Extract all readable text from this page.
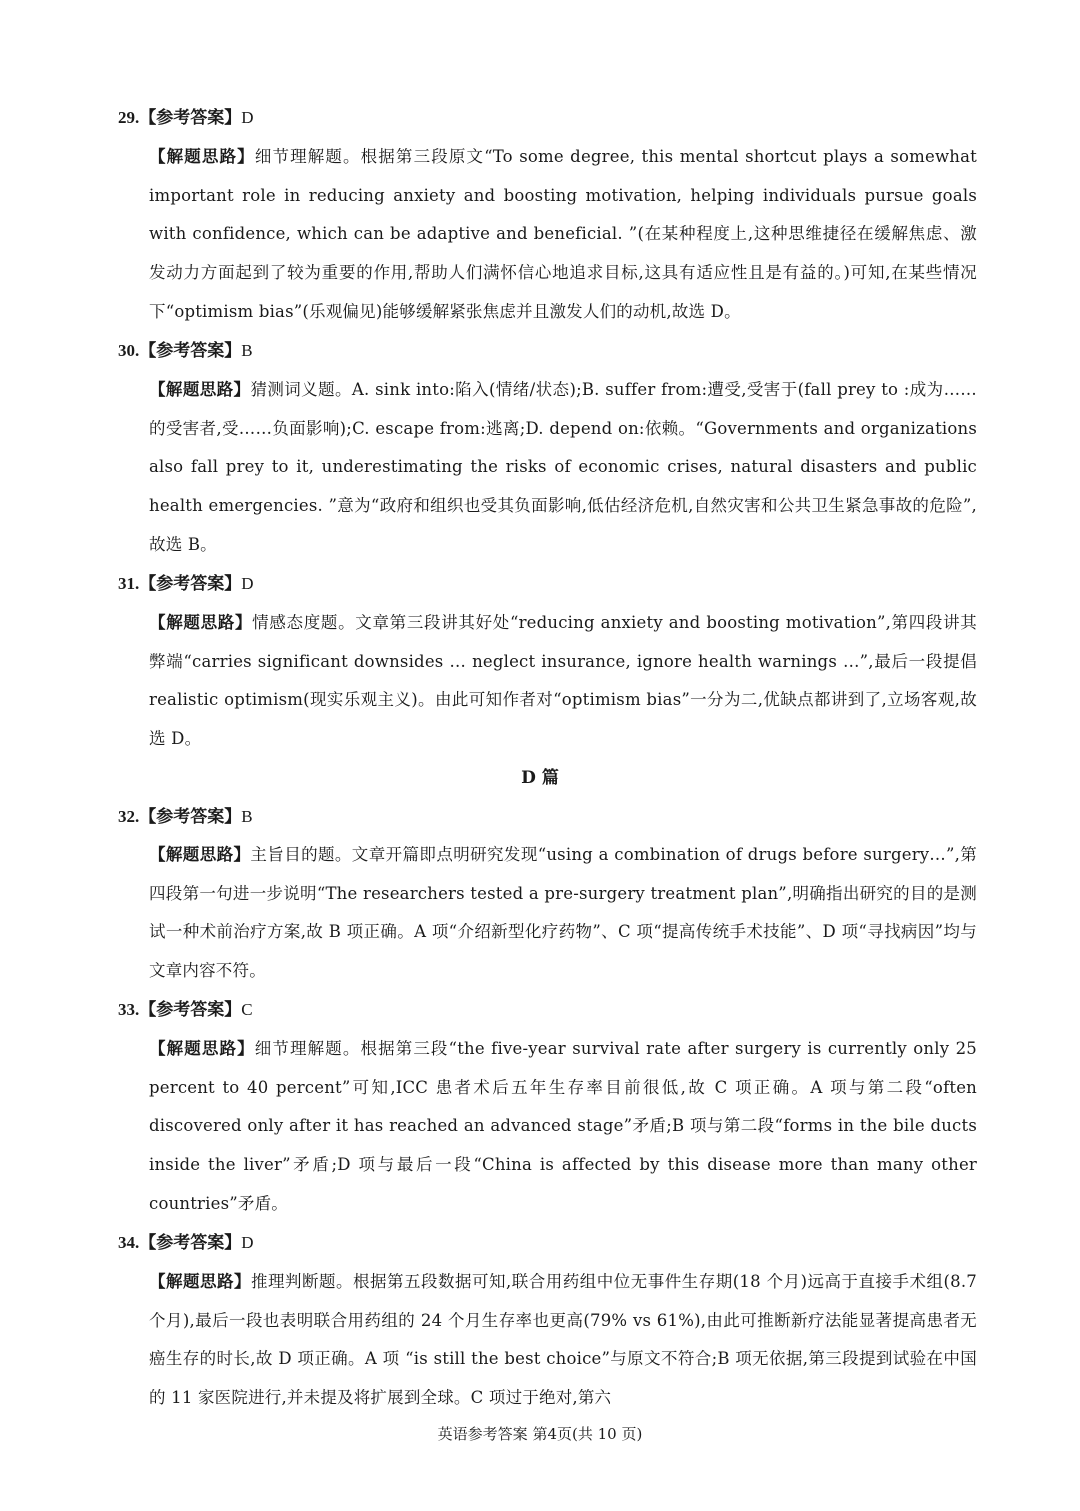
29.【参考答案】D
【解题思路】细节理解题。根据第三段原文“To some degree, this mental shortcut plays a somewhat important role in reducing anxiety and boosting motivation, helping individuals pursue goals with confidence, which can be adaptive and beneficial. ”(在某种程度上,这种思维捷径在缓解焦虑、激发动力方面起到了较为重要的作用,帮助人们满怀信心地追求目标,这具有适应性且是有益的。)可知,在某些情况下“optimism bias”(乐观偏见)能够缓解紧张焦虑并且激发人们的动机,故选 D。
30.【参考答案】B
【解题思路】猜测词义题。A. sink into:陷入(情绪/状态);B. suffer from:遭受,受害于(fall prey to :成为……的受害者,受……负面影响);C. escape from:逃离;D. depend on:依赖。“Governments and organizations also fall prey to it, underestimating the risks of economic crises, natural disasters and public health emergencies. ”意为“政府和组织也受其负面影响,低估经济危机,自然灾害和公共卫生紧急事故的危险”,故选 B。
31.【参考答案】D
【解题思路】情感态度题。文章第三段讲其好处“reducing anxiety and boosting motivation”,第四段讲其弊端“carries significant downsides … neglect insurance, ignore health warnings …”,最后一段提倡 realistic optimism(现实乐观主义)。由此可知作者对“optimism bias”一分为二,优缺点都讲到了,立场客观,故选 D。
D 篇
32.【参考答案】B
【解题思路】主旨目的题。文章开篇即点明研究发现“using a combination of drugs before surgery…”,第四段第一句进一步说明“The researchers tested a pre-surgery treatment plan”,明确指出研究的目的是测试一种术前治疗方案,故 B 项正确。A 项“介绍新型化疗药物”、C 项“提高传统手术技能”、D 项“寻找病因”均与文章内容不符。
33.【参考答案】C
【解题思路】细节理解题。根据第三段“the five-year survival rate after surgery is currently only 25 percent to 40 percent”可知,ICC 患者术后五年生存率目前很低,故 C 项正确。A 项与第二段“often discovered only after it has reached an advanced stage”矛盾;B 项与第二段“forms in the bile ducts inside the liver”矛盾;D 项与最后一段“China is affected by this disease more than many other countries”矛盾。
34.【参考答案】D
【解题思路】推理判断题。根据第五段数据可知,联合用药组中位无事件生存期(18 个月)远高于直接手术组(8.7 个月),最后一段也表明联合用药组的 24 个月生存率也更高(79% vs 61%),由此可推断新疗法能显著提高患者无癌生存的时长,故 D 项正确。A 项 “is still the best choice”与原文不符合;B 项无依据,第三段提到试验在中国的 11 家医院进行,并未提及将扩展到全球。C 项过于绝对,第六
英语参考答案 第4页(共 10 页)
